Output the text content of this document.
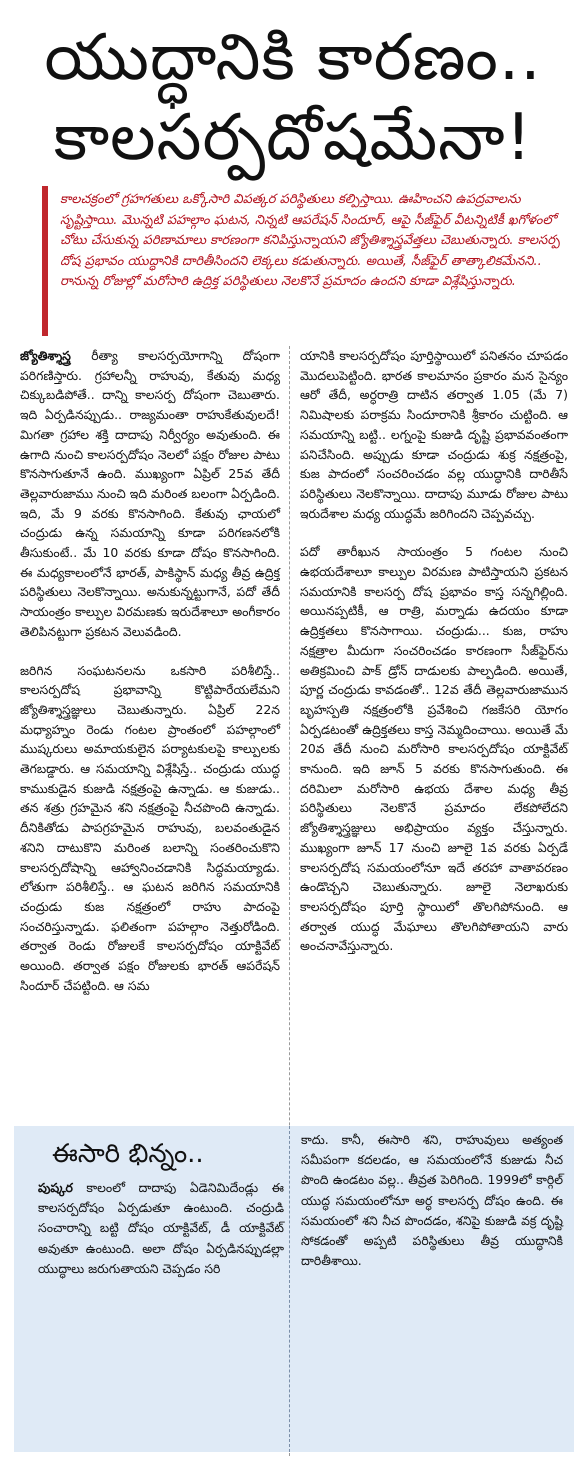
యుద్ధానికి కారణం..
కాలసర్పదోషమేనా!

కాలచక్రంలో గ్రహగతులు ఒక్కోసారి విపత్కర పరిస్థితులు కల్పిస్తాయి. ఊహించని ఉపద్రవాలను సృష్టిస్తాయి. మొన్నటి పహల్గాం ఘటన, నిన్నటి ఆపరేషన్ సిందూర్, ఆపై సీజ్‌ఫైర్ వీటన్నిటికీ ఖగోళంలో చోటు చేసుకున్న పరిణామాలు కారణంగా కనిపిస్తున్నాయని జ్యోతిశ్శాస్త్రవేత్తలు చెబుతున్నారు. కాలసర్ప దోష ప్రభావం యుద్ధానికి దారితీసిందని లెక్కలు కడుతున్నారు. అయితే, సీజ్‌ఫైర్ తాత్కాలికమేనని.. రానున్న రోజుల్లో మరోసారి ఉద్రిక్త పరిస్థితులు నెలకొనే ప్రమాదం ఉందని కూడా విశ్లేషిస్తున్నారు.

జ్యోతిశ్శాస్త్ర రీత్యా కాలసర్పయోగాన్ని దోషంగా పరిగణిస్తారు. గ్రహాలన్నీ రాహువు, కేతువు మధ్య చిక్కుబడిపోతే.. దాన్ని కాలసర్ప దోషంగా చెబుతారు. ఇది ఏర్పడినప్పుడు.. రాజ్యమంతా రాహుకేతువులదే! మిగతా గ్రహాల శక్తి దాదాపు నిర్వీర్యం అవుతుంది. ఈ ఉగాది నుంచి కాలసర్పదోషం నెలలో పక్షం రోజుల పాటు కొనసాగుతూనే ఉంది. ముఖ్యంగా ఏప్రిల్ 25వ తేదీ తెల్లవారుజాము నుంచి ఇది మరింత బలంగా ఏర్పడింది. ఇది, మే 9 వరకు కొనసాగింది. కేతువు ఛాయలో చంద్రుడు ఉన్న సమయాన్ని కూడా పరిగణనలోకి తీసుకుంటే.. మే 10 వరకు కూడా దోషం కొనసాగింది. ఈ మధ్యకాలంలోనే భారత్, పాకిస్థాన్ మధ్య తీవ్ర ఉద్రిక్త పరిస్థితులు నెలకొన్నాయి. అనుకున్నట్టుగానే, పదో తేదీ సాయంత్రం కాల్పుల విరమణకు ఇరుదేశాలూ అంగీకారం తెలిపినట్టుగా ప్రకటన వెలువడింది.

జరిగిన సంఘటనలను ఒకసారి పరిశీలిస్తే.. కాలసర్పదోష ప్రభావాన్ని కొట్టిపారేయలేమని జ్యోతిశ్శాస్త్రజ్ఞులు చెబుతున్నారు. ఏప్రిల్ 22న మధ్యాహ్నం రెండు గంటల ప్రాంతంలో పహల్గాంలో ముష్కరులు అమాయకులైన పర్యాటకులపై కాల్పులకు తెగబడ్డారు. ఆ సమయాన్ని విశ్లేషిస్తే.. చంద్రుడు యుద్ధ కాముకుడైన కుజుడి నక్షత్రంపై ఉన్నాడు. ఆ కుజుడు.. తన శత్రు గ్రహమైన శని నక్షత్రంపై నీచపొంది ఉన్నాడు. దీనికితోడు పాపగ్రహమైన రాహువు, బలవంతుడైన శనిని దాటుకొని మరింత బలాన్ని సంతరించుకొని కాలసర్పదోషాన్ని ఆహ్వానించడానికి సిద్ధమయ్యాడు. లోతుగా పరిశీలిస్తే.. ఆ ఘటన జరిగిన సమయానికి చంద్రుడు కుజ నక్షత్రంలో రాహు పాదంపై సంచరిస్తున్నాడు. ఫలితంగా పహల్గాం నెత్తురోడింది. తర్వాత రెండు రోజులకే కాలసర్పదోషం యాక్టివేట్ అయింది. తర్వాత పక్షం రోజులకు భారత్ ఆపరేషన్ సిందూర్ చేపట్టింది. ఆ సమ

యానికి కాలసర్పదోషం పూర్తిస్థాయిలో పనితనం చూపడం మొదలుపెట్టింది. భారత కాలమానం ప్రకారం మన సైన్యం ఆరో తేదీ, అర్ధరాత్రి దాటిన తర్వాత 1.05 (మే 7) నిమిషాలకు పరాక్రమ సిందూరానికి శ్రీకారం చుట్టింది. ఆ సమయాన్ని బట్టి.. లగ్నంపై కుజుడి దృష్టి ప్రభావవంతంగా పనిచేసింది. అప్పుడు కూడా చంద్రుడు శుక్ర నక్షత్రంపై, కుజ పాదంలో సంచరించడం వల్ల యుద్ధానికి దారితీసే పరిస్థితులు నెలకొన్నాయి. దాదాపు మూడు రోజుల పాటు ఇరుదేశాల మధ్య యుద్ధమే జరిగిందని చెప్పవచ్చు.

పదో తారీఖున సాయంత్రం 5 గంటల నుంచి ఉభయదేశాలూ కాల్పుల విరమణ పాటిస్తాయని ప్రకటన సమయానికి కాలసర్ప దోష ప్రభావం కాస్త సన్నగిల్లింది. అయినప్పటికీ, ఆ రాత్రి, మర్నాడు ఉదయం కూడా ఉద్రిక్తతలు కొనసాగాయి. చంద్రుడు... కుజ, రాహు నక్షత్రాల మీదుగా సంచరించడం కారణంగా సీజ్‌ఫైర్‌ను అతిక్రమించి పాక్ డ్రోన్ దాడులకు పాల్పడింది. అయితే, పూర్ణ చంద్రుడు కావడంతో.. 12వ తేదీ తెల్లవారుజామున బృహస్పతి నక్షత్రంలోకి ప్రవేశించి గజకేసరి యోగం ఏర్పడటంతో ఉద్రిక్తతలు కాస్త నెమ్మదించాయి. అయితే మే 20వ తేదీ నుంచి మరోసారి కాలసర్పదోషం యాక్టివేట్ కానుంది. ఇది జూన్ 5 వరకు కొనసాగుతుంది. ఈ దరిమిలా మరోసారి ఉభయ దేశాల మధ్య తీవ్ర పరిస్థితులు నెలకొనే ప్రమాదం లేకపోలేదని జ్యోతిశ్శాస్త్రజ్ఞులు అభిప్రాయం వ్యక్తం చేస్తున్నారు. ముఖ్యంగా జూన్ 17 నుంచి జూలై 1వ వరకు ఏర్పడే కాలసర్పదోష సమయంలోనూ ఇదే తరహా వాతావరణం ఉండొచ్చని చెబుతున్నారు. జూలై నెలాఖరుకు కాలసర్పదోషం పూర్తి స్థాయిలో తొలగిపోనుంది. ఆ తర్వాత యుద్ధ మేఘాలు తొలగిపోతాయని వారు అంచనావేస్తున్నారు.

ఈసారి భిన్నం..
పుష్కర కాలంలో దాదాపు ఏడెనిమిదేండ్లు ఈ కాలసర్పదోషం ఏర్పడుతూ ఉంటుంది. చంద్రుడి సంచారాన్ని బట్టి దోషం యాక్టివేట్, డీ యాక్టివేట్ అవుతూ ఉంటుంది. అలా దోషం ఏర్పడినప్పుడల్లా యుద్ధాలు జరుగుతాయని చెప్పడం సరి
కాదు. కానీ, ఈసారి శని, రాహువులు అత్యంత సమీపంగా కదలడం, ఆ సమయంలోనే కుజుడు నీచ పొంది ఉండటం వల్ల.. తీవ్రత పెరిగింది. 1999లో కార్గిల్ యుద్ధ సమయంలోనూ అర్ధ కాలసర్ప దోషం ఉంది. ఈ సమయంలో శని నీచ పొందడం, శనిపై కుజుడి వక్ర దృష్టి సోకడంతో అప్పటి పరిస్థితులు తీవ్ర యుద్ధానికి దారితీశాయి.
